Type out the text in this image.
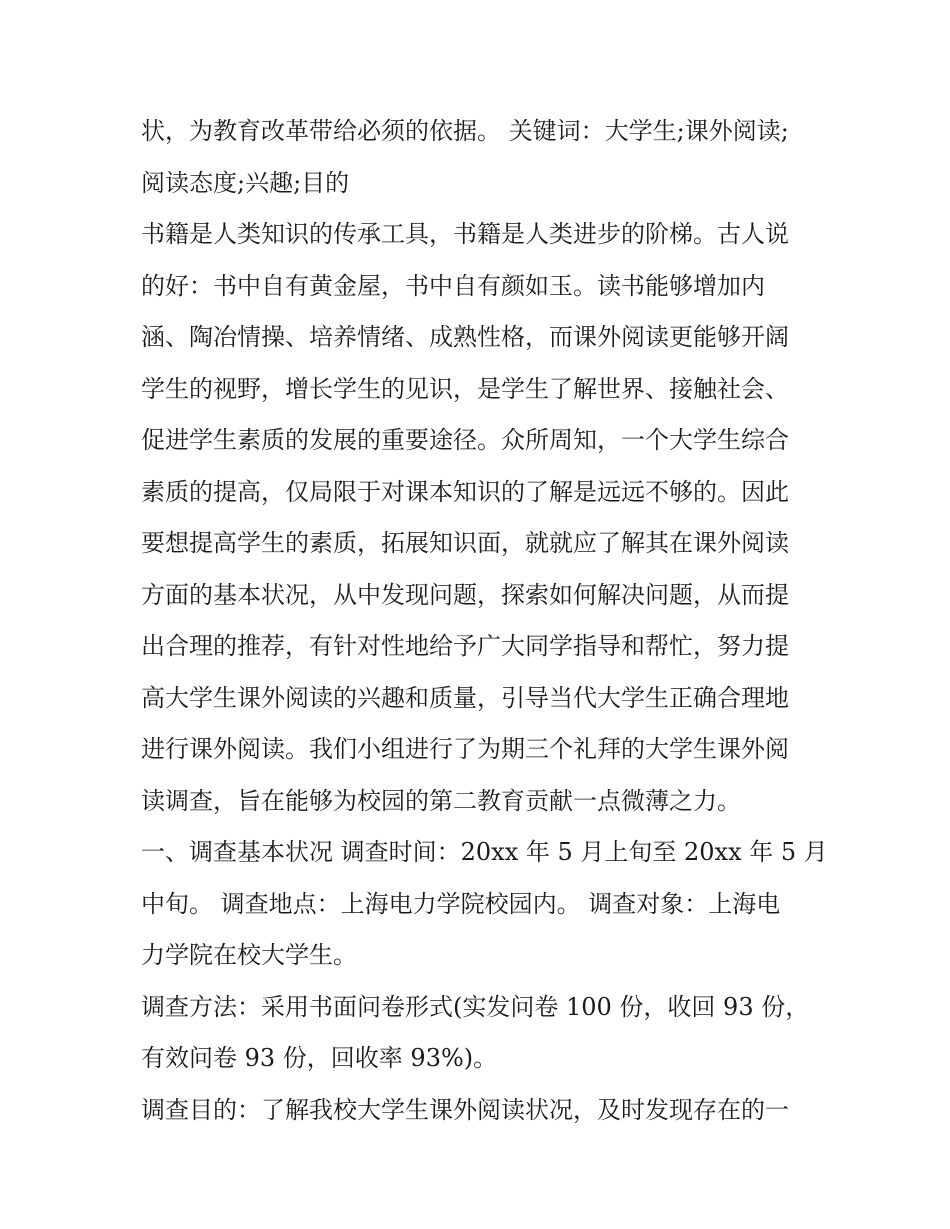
状，为教育改革带给必须的依据。 关键词：大学生;课外阅读;
阅读态度;兴趣;目的
书籍是人类知识的传承工具，书籍是人类进步的阶梯。古人说
的好：书中自有黄金屋，书中自有颜如玉。读书能够增加内
涵、陶冶情操、培养情绪、成熟性格，而课外阅读更能够开阔
学生的视野，增长学生的见识，是学生了解世界、接触社会、
促进学生素质的发展的重要途径。众所周知，一个大学生综合
素质的提高，仅局限于对课本知识的了解是远远不够的。因此
要想提高学生的素质，拓展知识面，就就应了解其在课外阅读
方面的基本状况，从中发现问题，探索如何解决问题，从而提
出合理的推荐，有针对性地给予广大同学指导和帮忙，努力提
高大学生课外阅读的兴趣和质量，引导当代大学生正确合理地
进行课外阅读。我们小组进行了为期三个礼拜的大学生课外阅
读调查，旨在能够为校园的第二教育贡献一点微薄之力。
一、调查基本状况 调查时间：20xx 年 5 月上旬至 20xx 年 5 月
中旬。 调查地点：上海电力学院校园内。 调查对象：上海电
力学院在校大学生。
调查方法：采用书面问卷形式(实发问卷 100 份，收回 93 份，
有效问卷 93 份，回收率 93%)。
调查目的：了解我校大学生课外阅读状况，及时发现存在的一
